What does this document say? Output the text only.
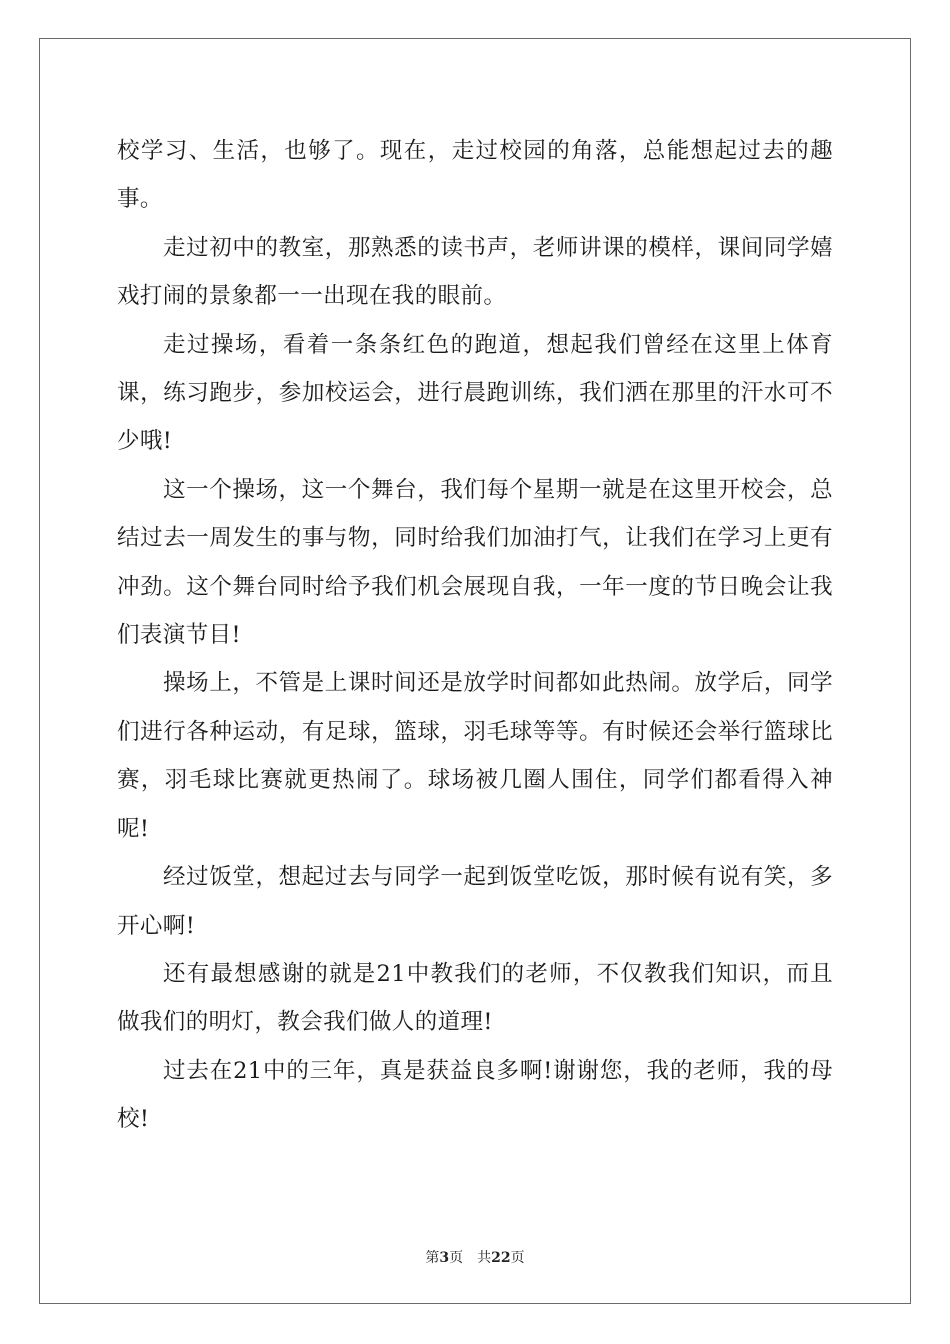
校学习、生活，也够了。现在，走过校园的角落，总能想起过去的趣事。

走过初中的教室，那熟悉的读书声，老师讲课的模样，课间同学嬉戏打闹的景象都一一出现在我的眼前。

走过操场，看着一条条红色的跑道，想起我们曾经在这里上体育课，练习跑步，参加校运会，进行晨跑训练，我们洒在那里的汗水可不少哦!

这一个操场，这一个舞台，我们每个星期一就是在这里开校会，总结过去一周发生的事与物，同时给我们加油打气，让我们在学习上更有冲劲。这个舞台同时给予我们机会展现自我，一年一度的节日晚会让我们表演节目!

操场上，不管是上课时间还是放学时间都如此热闹。放学后，同学们进行各种运动，有足球，篮球，羽毛球等等。有时候还会举行篮球比赛，羽毛球比赛就更热闹了。球场被几圈人围住，同学们都看得入神呢!

经过饭堂，想起过去与同学一起到饭堂吃饭，那时候有说有笑，多开心啊!

还有最想感谢的就是21中教我们的老师，不仅教我们知识，而且做我们的明灯，教会我们做人的道理!

过去在21中的三年，真是获益良多啊!谢谢您，我的老师，我的母校!

第3页 共22页
